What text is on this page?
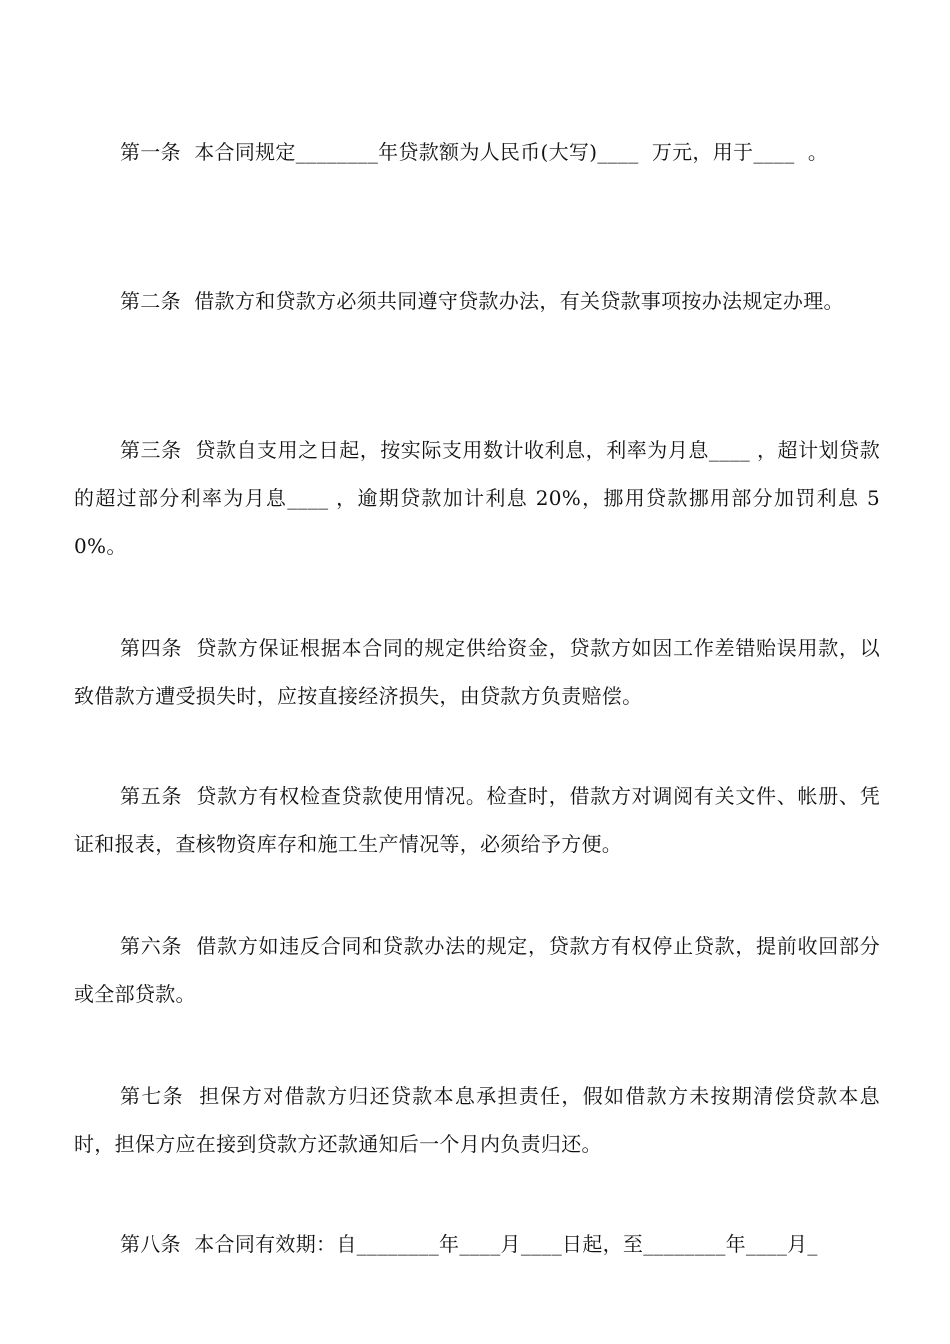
第一条  本合同规定________年贷款额为人民币(大写)____  万元，用于____  。

第二条  借款方和贷款方必须共同遵守贷款办法，有关贷款事项按办法规定办理。

第三条  贷款自支用之日起，按实际支用数计收利息，利率为月息____ ，超计划贷款的超过部分利率为月息____ ，逾期贷款加计利息 20%，挪用贷款挪用部分加罚利息 50%。

第四条  贷款方保证根据本合同的规定供给资金，贷款方如因工作差错贻误用款，以致借款方遭受损失时，应按直接经济损失，由贷款方负责赔偿。

第五条  贷款方有权检查贷款使用情况。检查时，借款方对调阅有关文件、帐册、凭证和报表，查核物资库存和施工生产情况等，必须给予方便。

第六条  借款方如违反合同和贷款办法的规定，贷款方有权停止贷款，提前收回部分或全部贷款。

第七条  担保方对借款方归还贷款本息承担责任，假如借款方未按期清偿贷款本息时，担保方应在接到贷款方还款通知后一个月内负责归还。

第八条  本合同有效期：自________年____月____日起，至________年____月_
